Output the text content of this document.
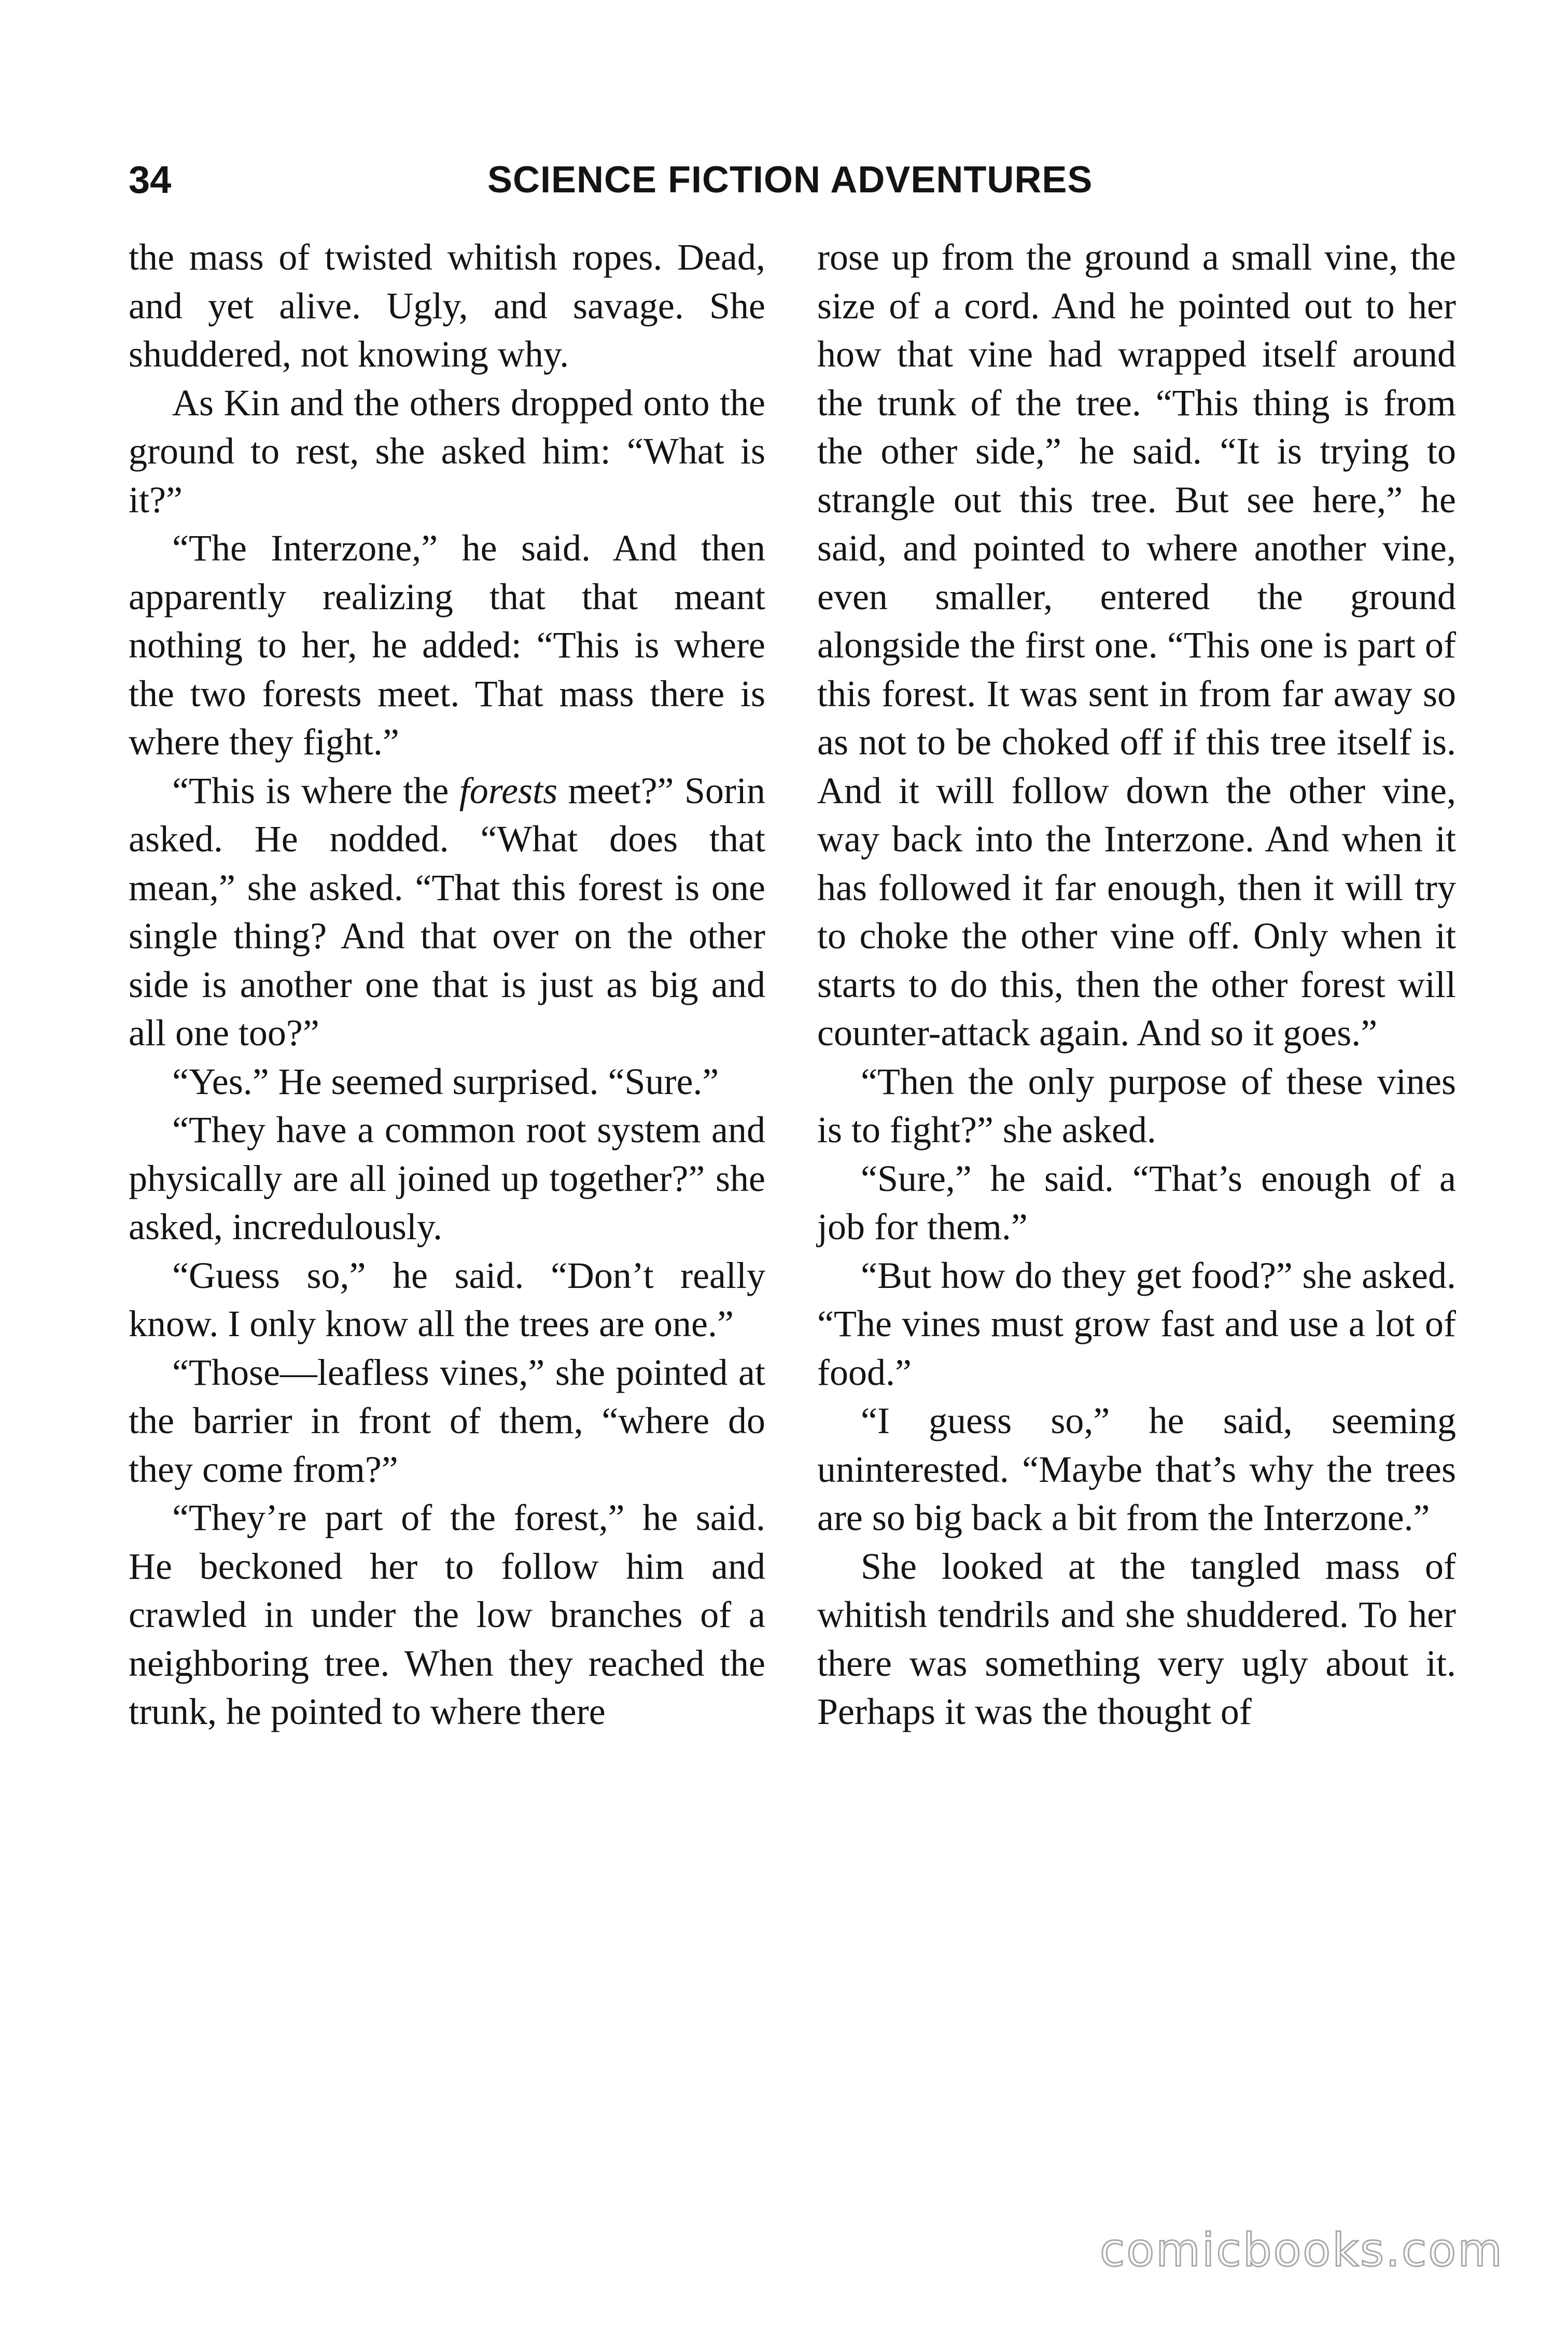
34	SCIENCE FICTION ADVENTURES

the mass of twisted whitish ropes. Dead, and yet alive. Ugly, and savage. She shuddered, not knowing why.

As Kin and the others dropped onto the ground to rest, she asked him: “What is it?”

“The Interzone,” he said. And then apparently realizing that that meant nothing to her, he added: “This is where the two forests meet. That mass there is where they fight.”

“This is where the forests meet?” Sorin asked. He nodded. “What does that mean,” she asked. “That this forest is one single thing? And that over on the other side is another one that is just as big and all one too?”

“Yes.” He seemed surprised. “Sure.”

“They have a common root system and physically are all joined up together?” she asked, incredulously.

“Guess so,” he said. “Don’t really know. I only know all the trees are one.”

“Those—leafless vines,” she pointed at the barrier in front of them, “where do they come from?”

“They’re part of the forest,” he said. He beckoned her to follow him and crawled in under the low branches of a neighboring tree. When they reached the trunk, he pointed to where there

rose up from the ground a small vine, the size of a cord. And he pointed out to her how that vine had wrapped itself around the trunk of the tree. “This thing is from the other side,” he said. “It is trying to strangle out this tree. But see here,” he said, and pointed to where another vine, even smaller, entered the ground alongside the first one. “This one is part of this forest. It was sent in from far away so as not to be choked off if this tree itself is. And it will follow down the other vine, way back into the Interzone. And when it has followed it far enough, then it will try to choke the other vine off. Only when it starts to do this, then the other forest will counter-attack again. And so it goes.”

“Then the only purpose of these vines is to fight?” she asked.

“Sure,” he said. “That’s enough of a job for them.”

“But how do they get food?” she asked. “The vines must grow fast and use a lot of food.”

“I guess so,” he said, seeming uninterested. “Maybe that’s why the trees are so big back a bit from the Interzone.”

She looked at the tangled mass of whitish tendrils and she shuddered. To her there was something very ugly about it. Perhaps it was the thought of

comicbooks.com
